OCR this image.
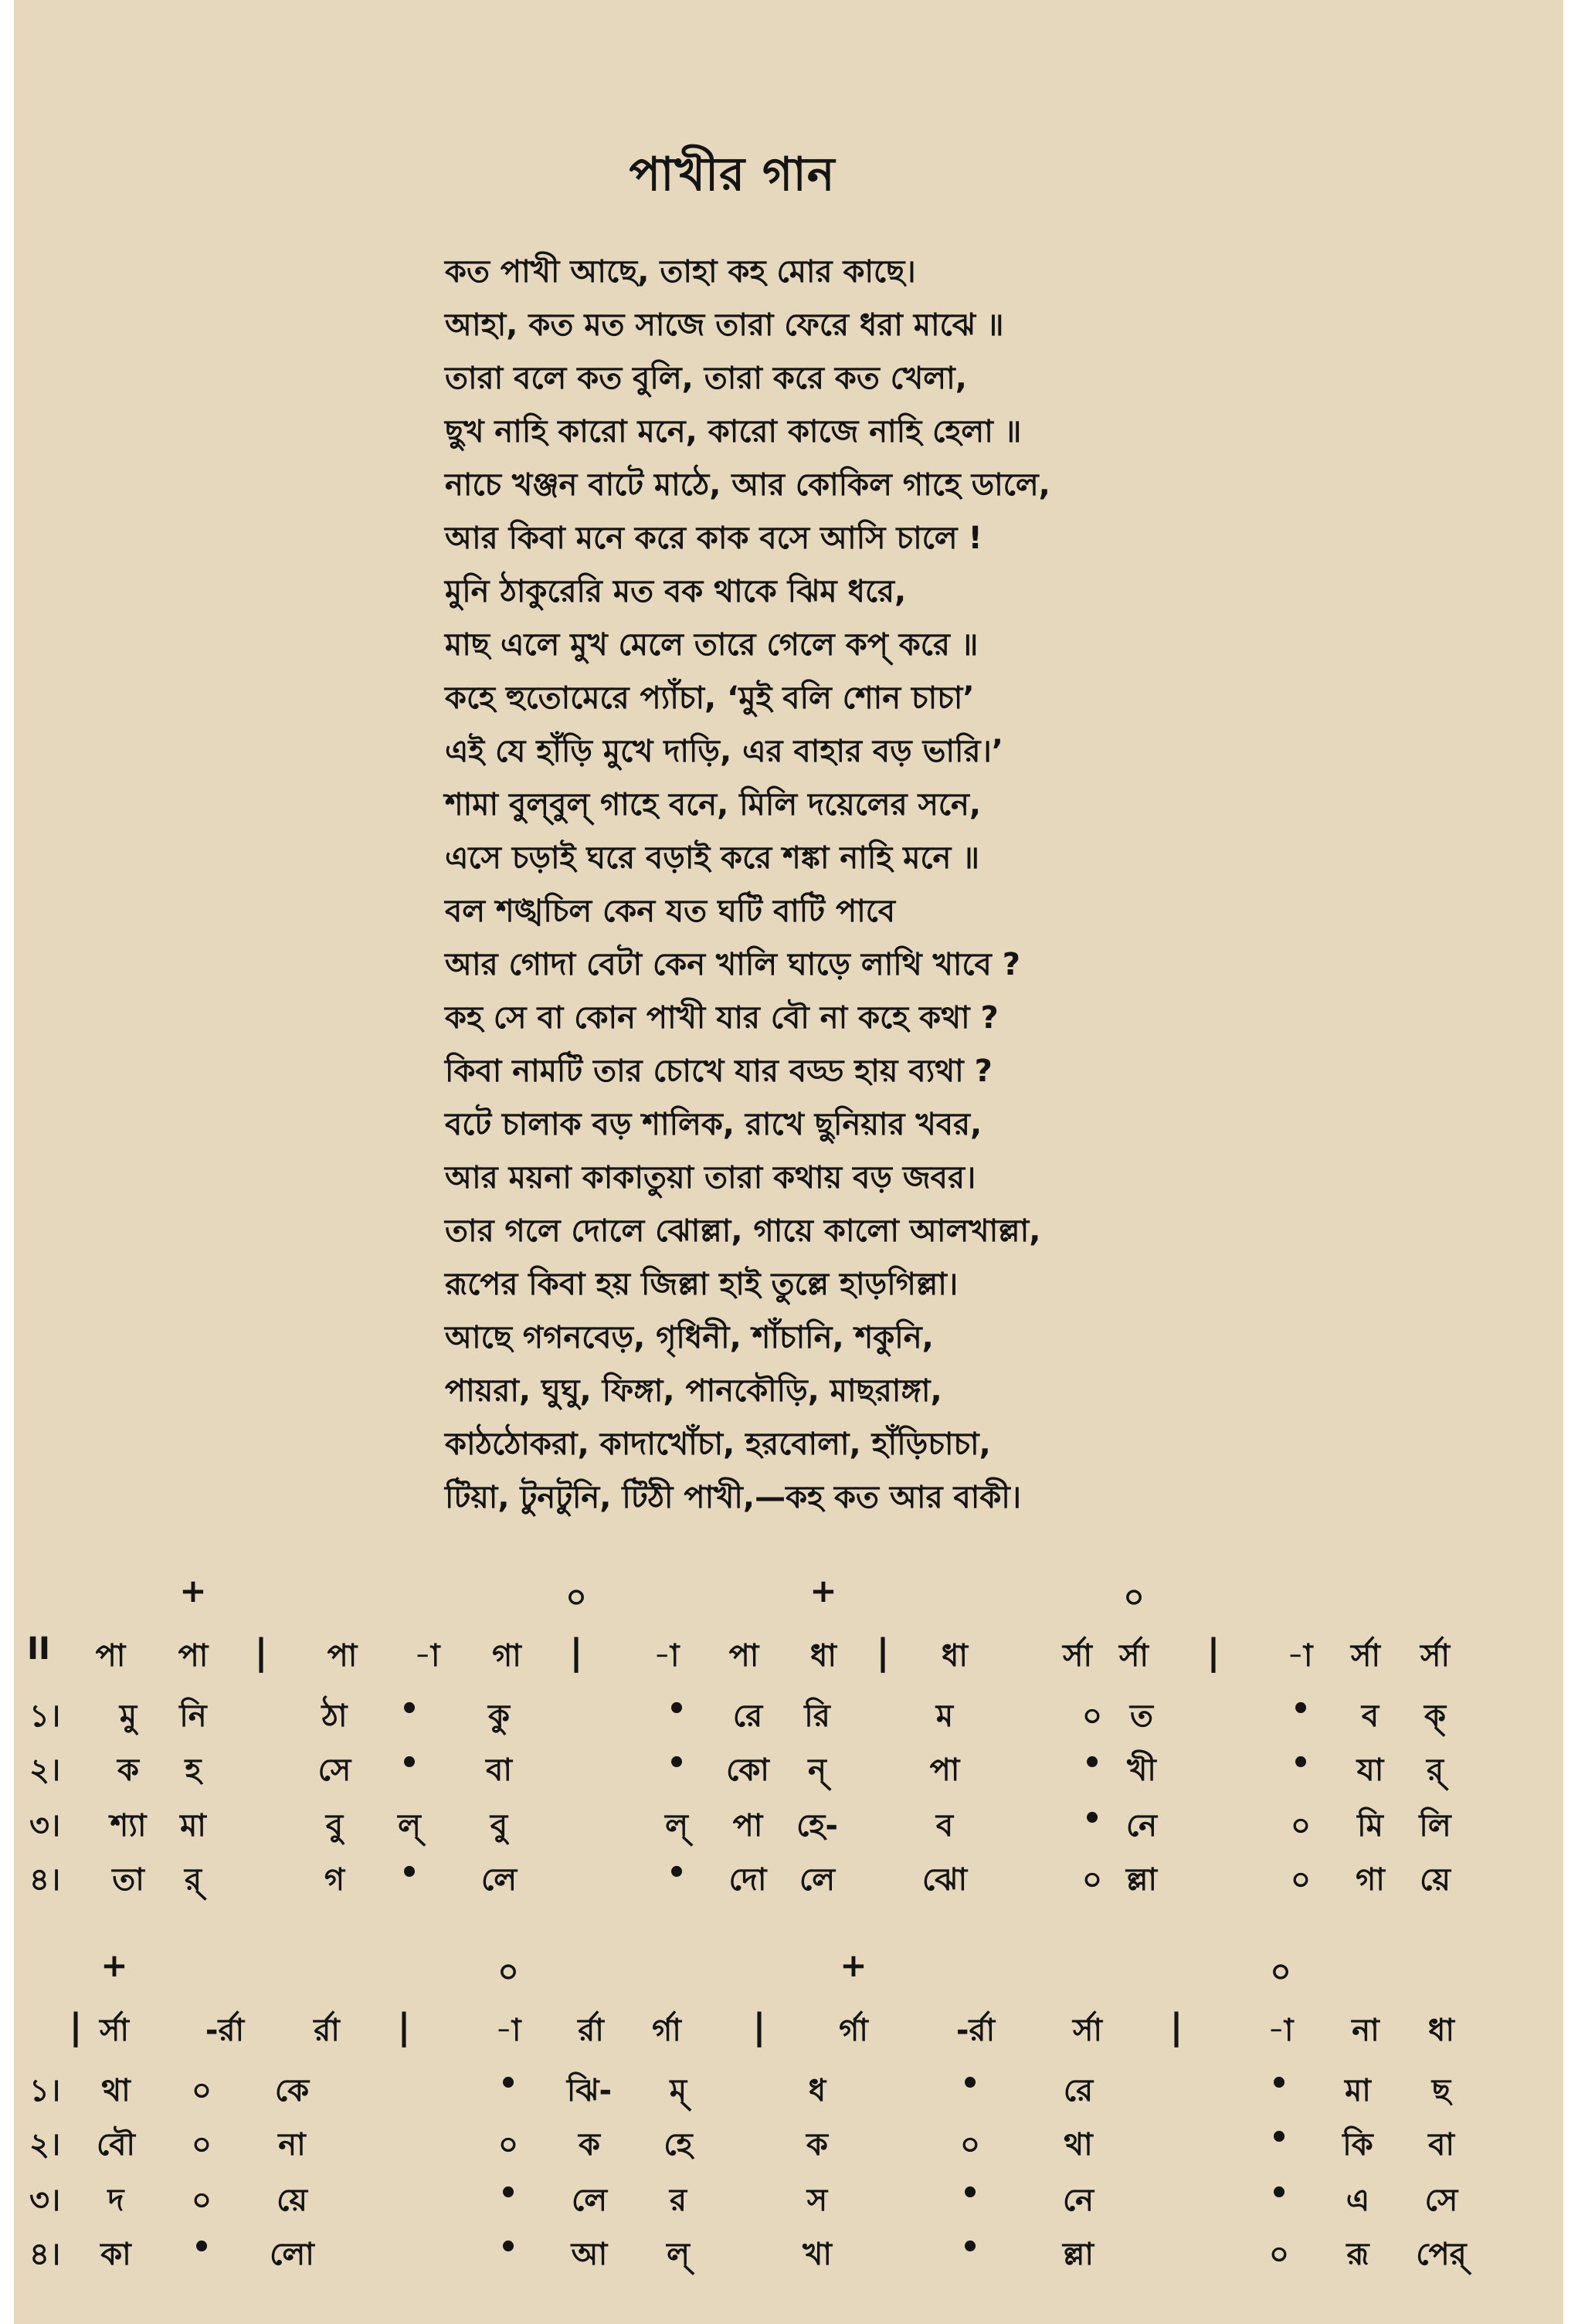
পাখীর গান
কত পাখী আছে, তাহা কহ মোর কাছে।
আহা, কত মত সাজে তারা ফেরে ধরা মাঝে ॥
তারা বলে কত বুলি, তারা করে কত খেলা,
ছুখ নাহি কারো মনে, কারো কাজে নাহি হেলা ॥
নাচে খঞ্জন বাটে মাঠে, আর কোকিল গাহে ডালে,
আর কিবা মনে করে কাক বসে আসি চালে !
মুনি ঠাকুরেরি মত বক থাকে ঝিম ধরে,
মাছ এলে মুখ মেলে তারে গেলে কপ্‌ করে ॥
কহে হুতোমেরে প্যাঁচা, ‘মুই বলি শোন চাচা’
এই যে হাঁড়ি মুখে দাড়ি, এর বাহার বড় ভারি।’
শামা বুল্‌বুল্‌ গাহে বনে, মিলি দয়েলের সনে,
এসে চড়াই ঘরে বড়াই করে শঙ্কা নাহি মনে ॥
বল শঙ্খচিল কেন যত ঘটি বাটি পাবে
আর গোদা বেটা কেন খালি ঘাড়ে লাথি খাবে ?
কহ সে বা কোন পাখী যার বৌ না কহে কথা ?
কিবা নামটি তার চোখে যার বড্ড হায় ব্যথা ?
বটে চালাক বড় শালিক, রাখে ছুনিয়ার খবর,
আর ময়না কাকাতুয়া তারা কথায় বড় জবর।
তার গলে দোলে ঝোল্লা, গায়ে কালো আলখাল্লা,
রূপের কিবা হয় জিল্লা হাই তুল্লে হাড়গিল্লা।
আছে গগনবেড়, গৃধিনী, শাঁচানি, শকুনি,
পায়রা, ঘুঘু, ফিঙ্গা, পানকৌড়ি, মাছরাঙ্গা,
কাঠঠোকরা, কাদাখোঁচা, হরবোলা, হাঁড়িচাচা,
টিয়া, টুনটুনি, টিঠী পাখী,—কহ কত আর বাকী।
+	০	+	০
II পা পা | পা -া গা | -া পা ধা | ধা	র্সা র্সা | -া র্সা র্সা
১। মু নি	ঠা • কু	• রে রি	ম	০ ত	• ব ক্‌
২। ক হ	সে • বা	• কো ন্‌	পা	• খী	• যা র্‌
৩। শ্যা মা	বু ল্‌ বু	ল্‌ পা হে-	ব	• নে	০ মি লি
৪। তা র্‌	গ • লে	• দো লে	ঝো	০ ল্লা	০ গা য়ে
+	০	+	০
| র্সা -র্রা র্রা |	-া র্রা র্গা | র্গা	-র্রা	র্সা |	-া না ধা
১। থা ০ কে	• ঝি- ম্‌	ধ	•	রে	• মা ছ
২। বৌ ০ না	০ ক হে	ক	০	থা	• কি বা
৩। দ ০ য়ে	• লে র	স	•	নে	• এ সে
৪। কা • লো	• আ ল্‌	খা	•	ল্লা	০ রূ পের্‌
